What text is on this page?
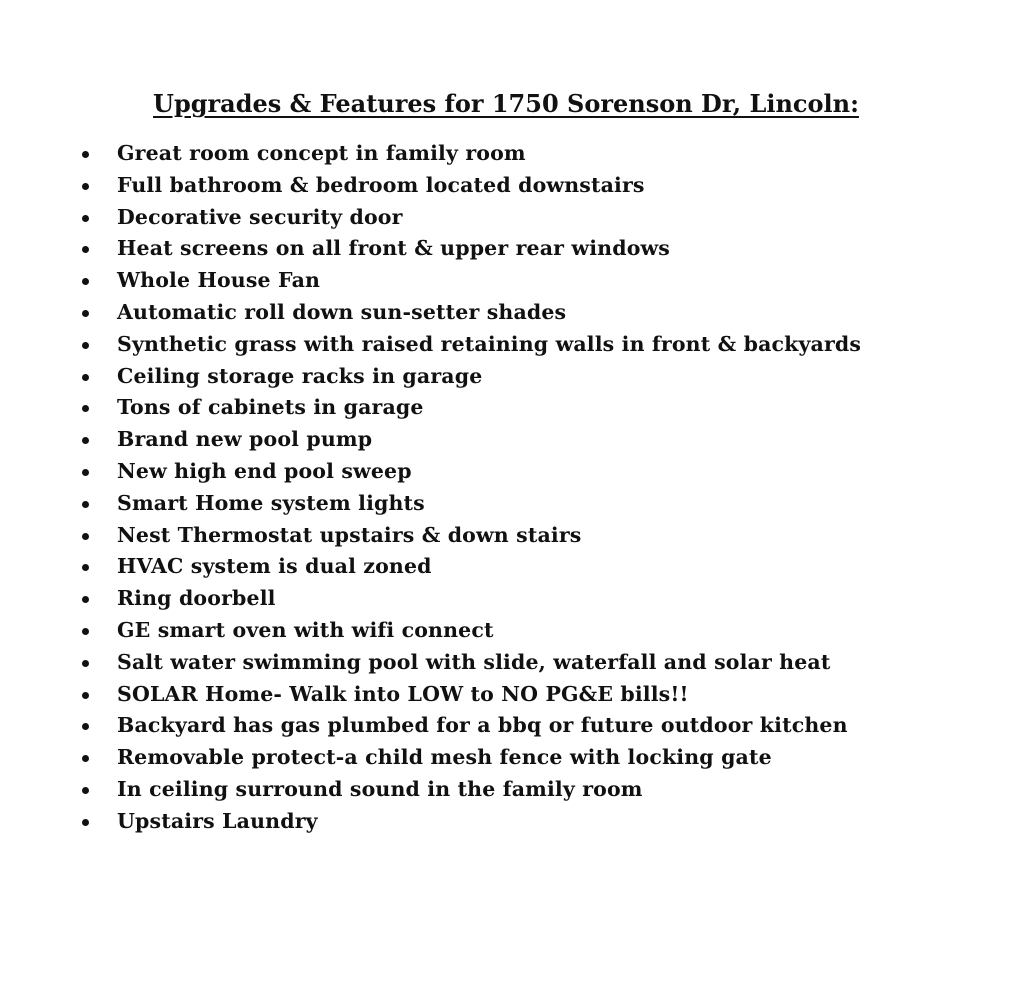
Upgrades & Features for 1750 Sorenson Dr, Lincoln:
Great room concept in family room
Full bathroom & bedroom located downstairs
Decorative security door
Heat screens on all front & upper rear windows
Whole House Fan
Automatic roll down sun-setter shades
Synthetic grass with raised retaining walls in front & backyards
Ceiling storage racks in garage
Tons of cabinets in garage
Brand new pool pump
New high end pool sweep
Smart Home system lights
Nest Thermostat upstairs & down stairs
HVAC system is dual zoned
Ring doorbell
GE smart oven with wifi connect
Salt water swimming pool with slide, waterfall and solar heat
SOLAR Home- Walk into LOW to NO PG&E bills!!
Backyard has gas plumbed for a bbq or future outdoor kitchen
Removable protect-a child mesh fence with locking gate
In ceiling surround sound in the family room
Upstairs Laundry
